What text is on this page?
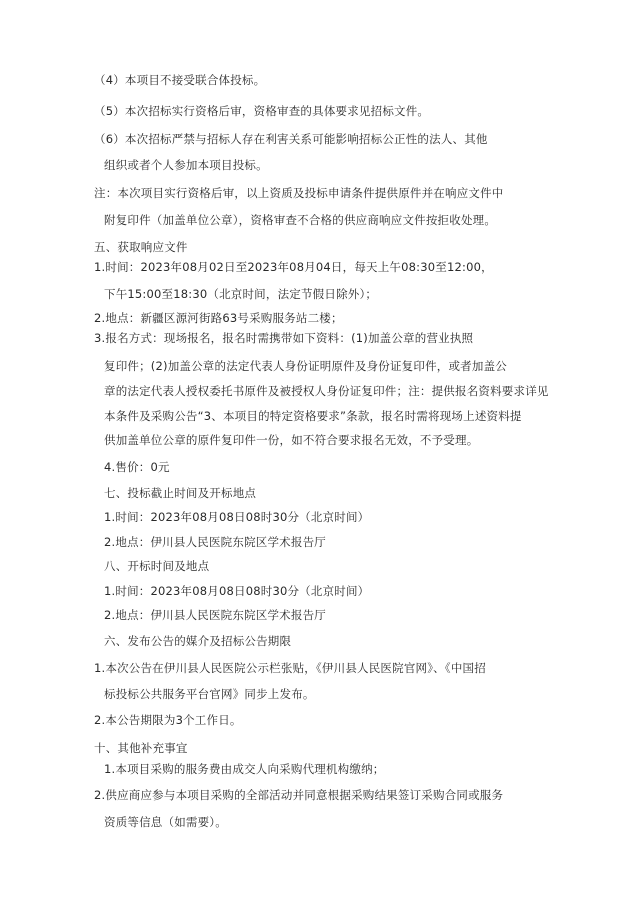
（4）本项目不接受联合体投标。
（5）本次招标实行资格后审，资格审查的具体要求见招标文件。
（6）本次招标严禁与招标人存在利害关系可能影响招标公正性的法人、其他
组织或者个人参加本项目投标。
注：本次项目实行资格后审，以上资质及投标申请条件提供原件并在响应文件中
附复印件（加盖单位公章），资格审查不合格的供应商响应文件按拒收处理。
五、获取响应文件
1.时间：2023年08月02日至2023年08月04日，每天上午08:30至12:00，
下午15:00至18:30（北京时间，法定节假日除外）；
2.地点：新疆区源河街路63号采购服务站二楼；
3.报名方式：现场报名，报名时需携带如下资料：(1)加盖公章的营业执照
复印件；(2)加盖公章的法定代表人身份证明原件及身份证复印件，或者加盖公
章的法定代表人授权委托书原件及被授权人身份证复印件；注：提供报名资料要求详见
本条件及采购公告“3、本项目的特定资格要求”条款，报名时需将现场上述资料提
供加盖单位公章的原件复印件一份，如不符合要求报名无效，不予受理。
4.售价：0元
七、投标截止时间及开标地点
1.时间：2023年08月08日08时30分（北京时间）
2.地点：伊川县人民医院东院区学术报告厅
八、开标时间及地点
1.时间：2023年08月08日08时30分（北京时间）
2.地点：伊川县人民医院东院区学术报告厅
六、发布公告的媒介及招标公告期限
1.本次公告在伊川县人民医院公示栏张贴，《伊川县人民医院官网》、《中国招
标投标公共服务平台官网》同步上发布。
2.本公告期限为3个工作日。
十、其他补充事宜
1.本项目采购的服务费由成交人向采购代理机构缴纳；
2.供应商应参与本项目采购的全部活动并同意根据采购结果签订采购合同或服务
资质等信息（如需要）。
